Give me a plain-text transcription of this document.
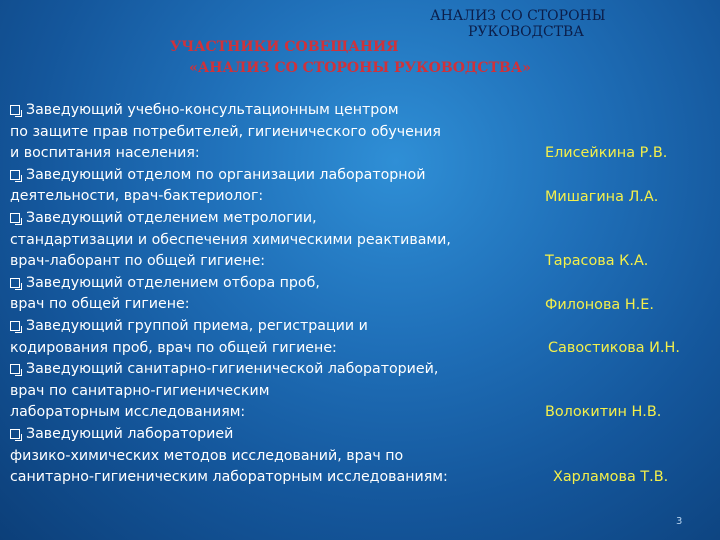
АНАЛИЗ СО СТОРОНЫ
РУКОВОДСТВА
УЧАСТНИКИ СОВЕЩАНИЯ
«АНАЛИЗ СО СТОРОНЫ РУКОВОДСТВА»
Заведующий учебно-консультационным центром
по защите прав потребителей, гигиенического обучения
и воспитания населения:	Елисейкина Р.В.
Заведующий отделом по организации лабораторной
деятельности, врач-бактериолог:	Мишагина Л.А.
Заведующий отделением метрологии,
стандартизации и обеспечения химическими реактивами,
врач-лаборант по общей гигиене:	Тарасова К.А.
Заведующий отделением отбора проб,
врач по общей гигиене:	Филонова Н.Е.
Заведующий группой приема, регистрации и
кодирования проб, врач по общей гигиене:	Савостикова И.Н.
Заведующий санитарно-гигиенической лабораторией,
врач по санитарно-гигиеническим
лабораторным исследованиям:	Волокитин Н.В.
Заведующий лабораторией
физико-химических методов исследований, врач по
санитарно-гигиеническим лабораторным исследованиям:	Харламова Т.В.
3
